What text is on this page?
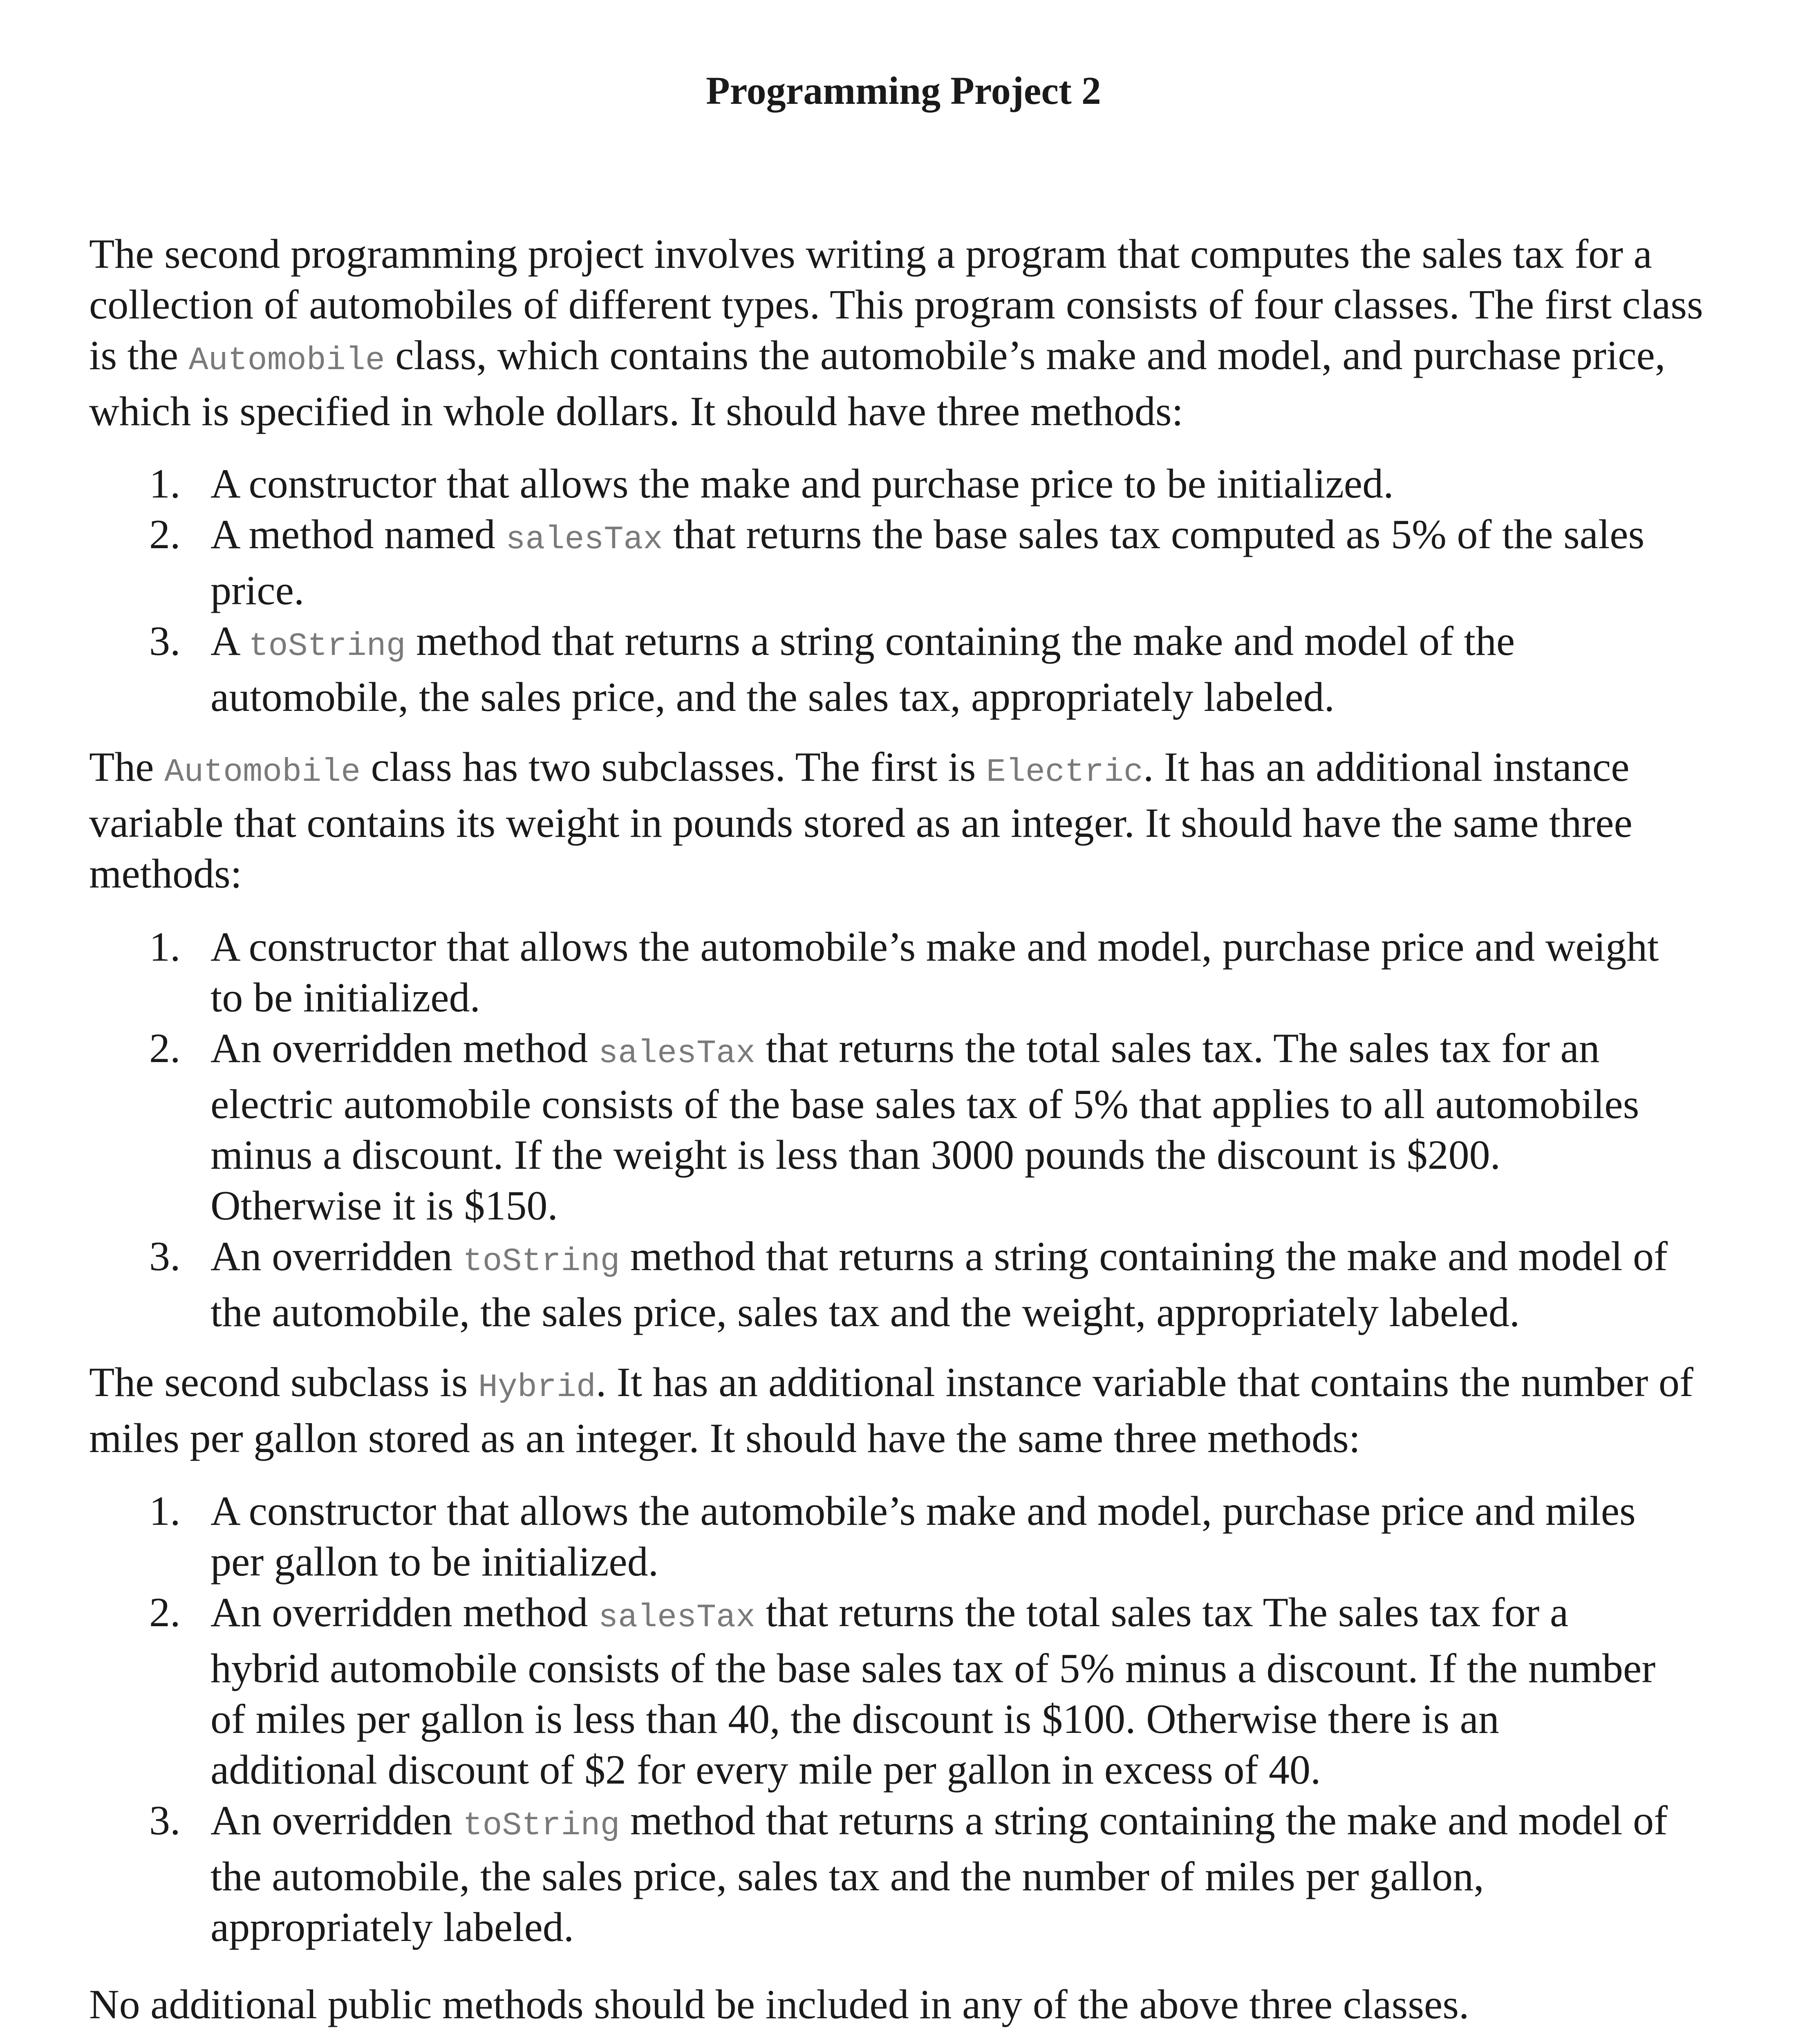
Programming Project 2

The second programming project involves writing a program that computes the sales tax for a collection of automobiles of different types. This program consists of four classes. The first class is the Automobile class, which contains the automobile’s make and model, and purchase price, which is specified in whole dollars. It should have three methods:

1. A constructor that allows the make and purchase price to be initialized.
2. A method named salesTax that returns the base sales tax computed as 5% of the sales price.
3. A toString method that returns a string containing the make and model of the automobile, the sales price, and the sales tax, appropriately labeled.

The Automobile class has two subclasses. The first is Electric. It has an additional instance variable that contains its weight in pounds stored as an integer. It should have the same three methods:

1. A constructor that allows the automobile’s make and model, purchase price and weight to be initialized.
2. An overridden method salesTax that returns the total sales tax. The sales tax for an electric automobile consists of the base sales tax of 5% that applies to all automobiles minus a discount. If the weight is less than 3000 pounds the discount is $200. Otherwise it is $150.
3. An overridden toString method that returns a string containing the make and model of the automobile, the sales price, sales tax and the weight, appropriately labeled.

The second subclass is Hybrid. It has an additional instance variable that contains the number of miles per gallon stored as an integer. It should have the same three methods:

1. A constructor that allows the automobile’s make and model, purchase price and miles per gallon to be initialized.
2. An overridden method salesTax that returns the total sales tax The sales tax for a hybrid automobile consists of the base sales tax of 5% minus a discount. If the number of miles per gallon is less than 40, the discount is $100. Otherwise there is an additional discount of $2 for every mile per gallon in excess of 40.
3. An overridden toString method that returns a string containing the make and model of the automobile, the sales price, sales tax and the number of miles per gallon, appropriately labeled.

No additional public methods should be included in any of the above three classes.
